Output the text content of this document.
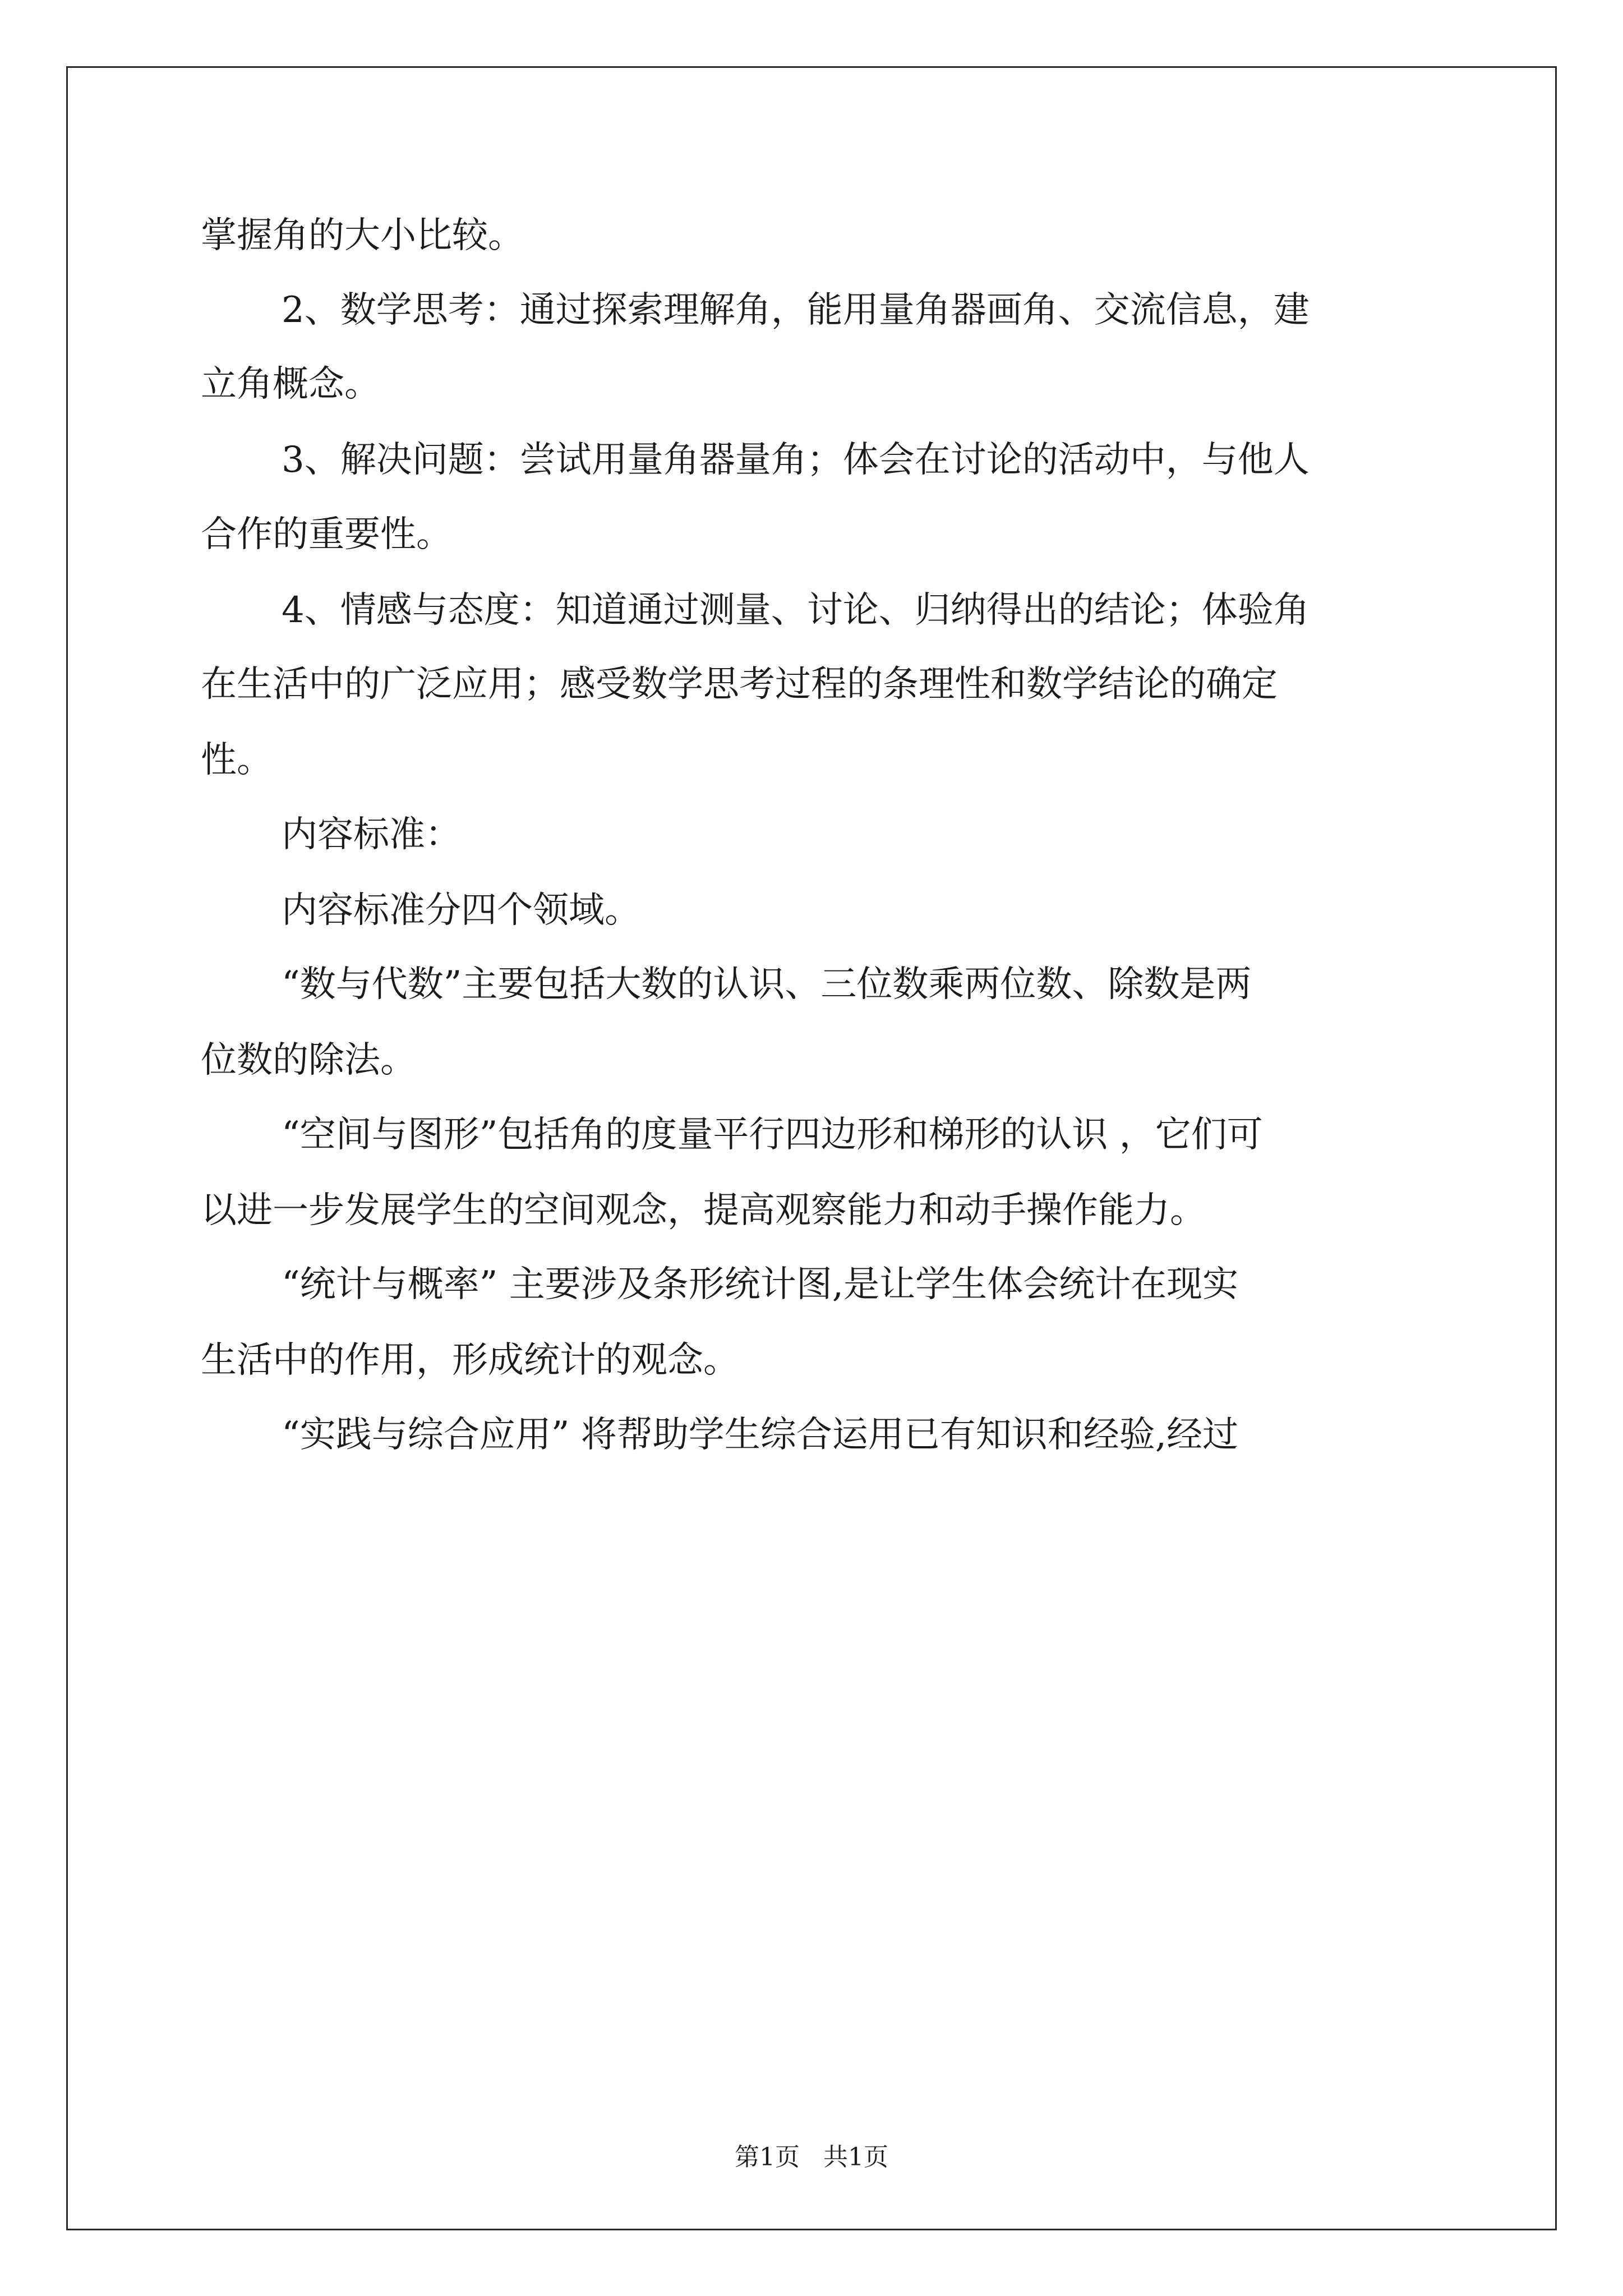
掌握角的大小比较。
2、数学思考：通过探索理解角，能用量角器画角、交流信息，建
立角概念。
3、解决问题：尝试用量角器量角；体会在讨论的活动中，与他人
合作的重要性。
4、情感与态度：知道通过测量、讨论、归纳得出的结论；体验角
在生活中的广泛应用；感受数学思考过程的条理性和数学结论的确定
性。
内容标准：
内容标准分四个领域。
“数与代数”主要包括大数的认识、三位数乘两位数、除数是两
位数的除法。
“空间与图形”包括角的度量平行四边形和梯形的认识 ，它们可
以进一步发展学生的空间观念，提高观察能力和动手操作能力。
“统计与概率” 主要涉及条形统计图,是让学生体会统计在现实
生活中的作用，形成统计的观念。
“实践与综合应用” 将帮助学生综合运用已有知识和经验,经过
第1页   共1页
